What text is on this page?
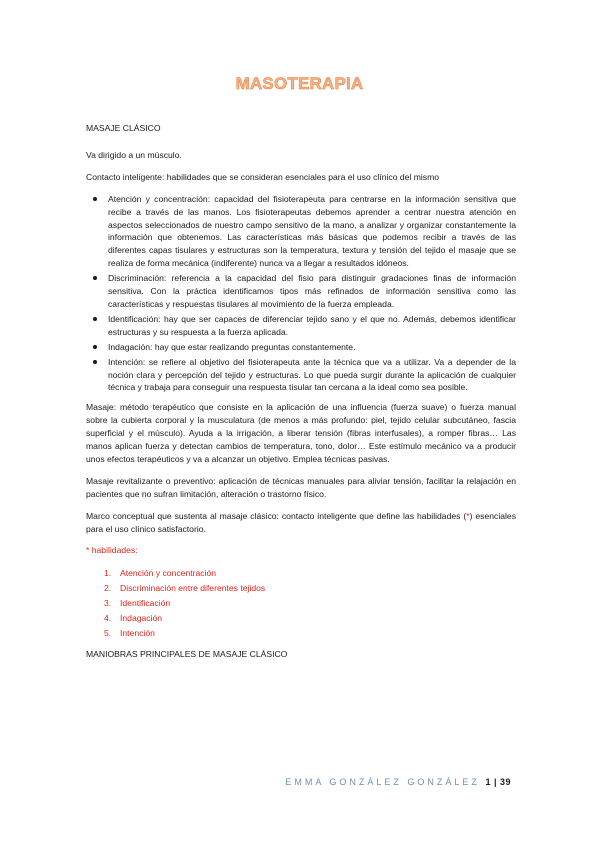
MASOTERAPIA

MASAJE CLÁSICO

Va dirigido a un músculo.

Contacto inteligente: habilidades que se consideran esenciales para el uso clínico del mismo

Atención y concentración: capacidad del fisioterapeuta para centrarse en la información sensitiva que recibe a través de las manos. Los fisioterapeutas debemos aprender a centrar nuestra atención en aspectos seleccionados de nuestro campo sensitivo de la mano, a analizar y organizar constantemente la información que obtenemos. Las características más básicas que podemos recibir a través de las diferentes capas tisulares y estructuras son la temperatura, textura y tensión del tejido el masaje que se realiza de forma mecánica (indiferente) nunca va a llegar a resultados idóneos.
Discriminación: referencia a la capacidad del fisio para distinguir gradaciones finas de información sensitiva. Con la práctica identificamos tipos más refinados de información sensitiva como las características y respuestas tisulares al movimiento de la fuerza empleada.
Identificación: hay que ser capaces de diferenciar tejido sano y el que no. Además, debemos identificar estructuras y su respuesta a la fuerza aplicada.
Indagación: hay que estar realizando preguntas constantemente.
Intención: se refiere al objetivo del fisioterapeuta ante la técnica que va a utilizar. Va a depender de la noción clara y percepción del tejido y estructuras. Lo que pueda surgir durante la aplicación de cualquier técnica y trabaja para conseguir una respuesta tisular tan cercana a la ideal como sea posible.

Masaje: método terapéutico que consiste en la aplicación de una influencia (fuerza suave) o fuerza manual sobre la cubierta corporal y la musculatura (de menos a más profundo: piel, tejido celular subcutáneo, fascia superficial y el músculo). Ayuda a la irrigación, a liberar tensión (fibras interfusales), a romper fibras… Las manos aplican fuerza y detectan cambios de temperatura, tono, dolor… Este estímulo mecánico va a producir unos efectos terapéuticos y va a alcanzar un objetivo. Emplea técnicas pasivas.

Masaje revitalizante o preventivo: aplicación de técnicas manuales para aliviar tensión, facilitar la relajación en pacientes que no sufran limitación, alteración o trastorno físico.

Marco conceptual que sustenta al masaje clásico: contacto inteligente que define las habilidades (*) esenciales para el uso clínico satisfactorio.

* habilidades:

1. Atención y concentración
2. Discriminación entre diferentes tejidos
3. Identificación
4. Indagación
5. Intención

MANIOBRAS PRINCIPALES DE MASAJE CLÁSICO

EMMA GONZÁLEZ GONZÁLEZ 1 | 39
